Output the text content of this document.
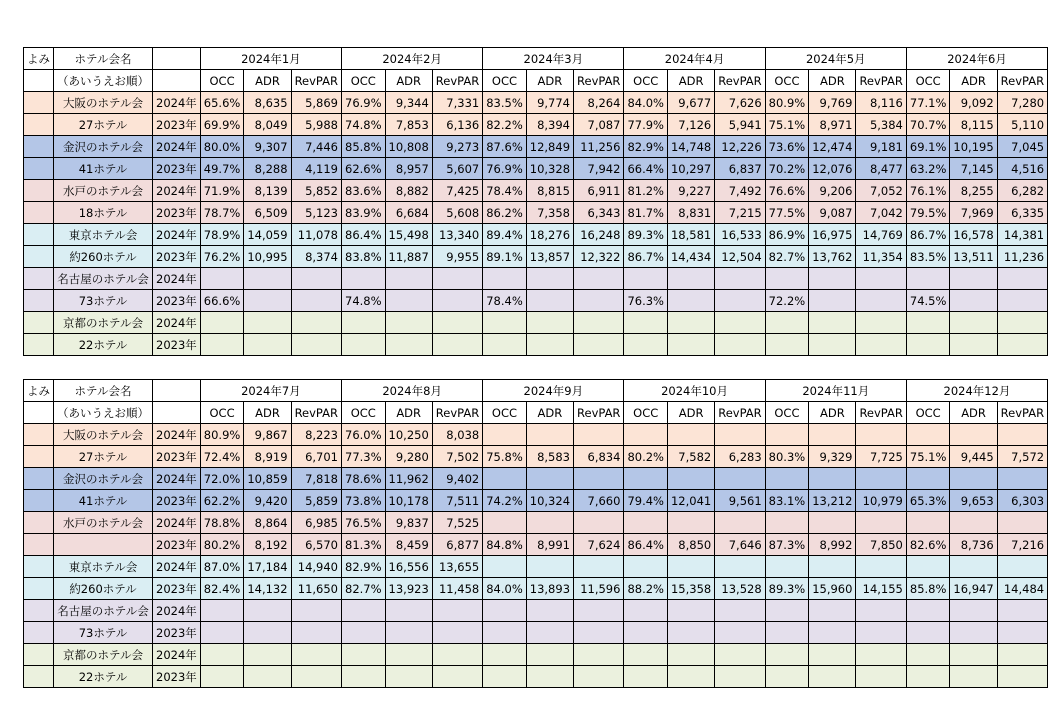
よみ	ホテル会名		2024年1月			2024年2月			2024年3月			2024年4月			2024年5月			2024年6月		
	（あいうえお順）		OCC	ADR	RevPAR	OCC	ADR	RevPAR	OCC	ADR	RevPAR	OCC	ADR	RevPAR	OCC	ADR	RevPAR	OCC	ADR	RevPAR
	大阪のホテル会	2024年	65.6%	8,635	5,869	76.9%	9,344	7,331	83.5%	9,774	8,264	84.0%	9,677	7,626	80.9%	9,769	8,116	77.1%	9,092	7,280
	27ホテル	2023年	69.9%	8,049	5,988	74.8%	7,853	6,136	82.2%	8,394	7,087	77.9%	7,126	5,941	75.1%	8,971	5,384	70.7%	8,115	5,110
	金沢のホテル会	2024年	80.0%	9,307	7,446	85.8%	10,808	9,273	87.6%	12,849	11,256	82.9%	14,748	12,226	73.6%	12,474	9,181	69.1%	10,195	7,045
	41ホテル	2023年	49.7%	8,288	4,119	62.6%	8,957	5,607	76.9%	10,328	7,942	66.4%	10,297	6,837	70.2%	12,076	8,477	63.2%	7,145	4,516
	水戸のホテル会	2024年	71.9%	8,139	5,852	83.6%	8,882	7,425	78.4%	8,815	6,911	81.2%	9,227	7,492	76.6%	9,206	7,052	76.1%	8,255	6,282
	18ホテル	2023年	78.7%	6,509	5,123	83.9%	6,684	5,608	86.2%	7,358	6,343	81.7%	8,831	7,215	77.5%	9,087	7,042	79.5%	7,969	6,335
	東京ホテル会	2024年	78.9%	14,059	11,078	86.4%	15,498	13,340	89.4%	18,276	16,248	89.3%	18,581	16,533	86.9%	16,975	14,769	86.7%	16,578	14,381
	約260ホテル	2023年	76.2%	10,995	8,374	83.8%	11,887	9,955	89.1%	13,857	12,322	86.7%	14,434	12,504	82.7%	13,762	11,354	83.5%	13,511	11,236
	名古屋のホテル会	2024年																		
	73ホテル	2023年	66.6%			74.8%			78.4%			76.3%			72.2%			74.5%		
	京都のホテル会	2024年																		
	22ホテル	2023年																		
よみ	ホテル会名		2024年7月			2024年8月			2024年9月			2024年10月			2024年11月			2024年12月		
	（あいうえお順）		OCC	ADR	RevPAR	OCC	ADR	RevPAR	OCC	ADR	RevPAR	OCC	ADR	RevPAR	OCC	ADR	RevPAR	OCC	ADR	RevPAR
	大阪のホテル会	2024年	80.9%	9,867	8,223	76.0%	10,250	8,038												
	27ホテル	2023年	72.4%	8,919	6,701	77.3%	9,280	7,502	75.8%	8,583	6,834	80.2%	7,582	6,283	80.3%	9,329	7,725	75.1%	9,445	7,572
	金沢のホテル会	2024年	72.0%	10,859	7,818	78.6%	11,962	9,402												
	41ホテル	2023年	62.2%	9,420	5,859	73.8%	10,178	7,511	74.2%	10,324	7,660	79.4%	12,041	9,561	83.1%	13,212	10,979	65.3%	9,653	6,303
	水戸のホテル会	2024年	78.8%	8,864	6,985	76.5%	9,837	7,525												
		2023年	80.2%	8,192	6,570	81.3%	8,459	6,877	84.8%	8,991	7,624	86.4%	8,850	7,646	87.3%	8,992	7,850	82.6%	8,736	7,216
	東京ホテル会	2024年	87.0%	17,184	14,940	82.9%	16,556	13,655												
	約260ホテル	2023年	82.4%	14,132	11,650	82.7%	13,923	11,458	84.0%	13,893	11,596	88.2%	15,358	13,528	89.3%	15,960	14,155	85.8%	16,947	14,484
	名古屋のホテル会	2024年																		
	73ホテル	2023年																		
	京都のホテル会	2024年																		
	22ホテル	2023年																		
